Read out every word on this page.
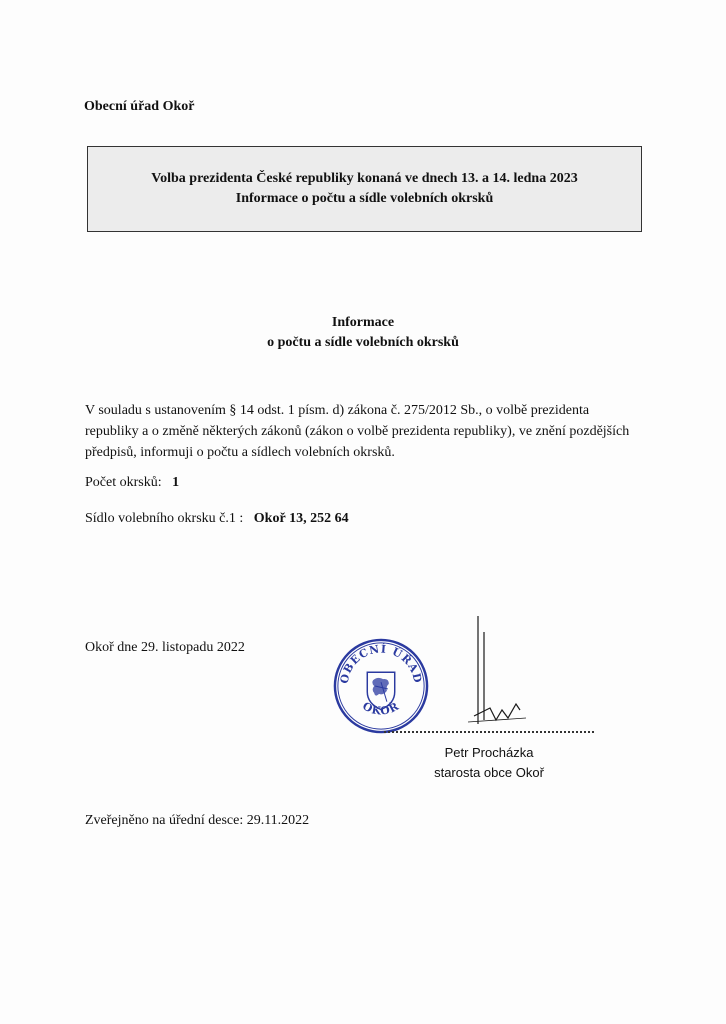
Obecní úřad Okoř
Volba prezidenta České republiky konaná ve dnech 13. a 14. ledna 2023
Informace o počtu a sídle volebních okrsků
Informace
o počtu a sídle volebních okrsků
V souladu s ustanovením § 14 odst. 1 písm. d) zákona č. 275/2012 Sb., o volbě prezidenta republiky a o změně některých zákonů (zákon o volbě prezidenta republiky), ve znění pozdějších předpisů, informuji o počtu a sídlech volebních okrsků.
Počet okrsků: 1
Sídlo volebního okrsku č.1 : Okoř 13, 252 64
Okoř dne 29. listopadu 2022
OBECNÍ ÚŘAD
OKOŘ
Petr Procházka
starosta obce Okoř
Zveřejněno na úřední desce: 29.11.2022
